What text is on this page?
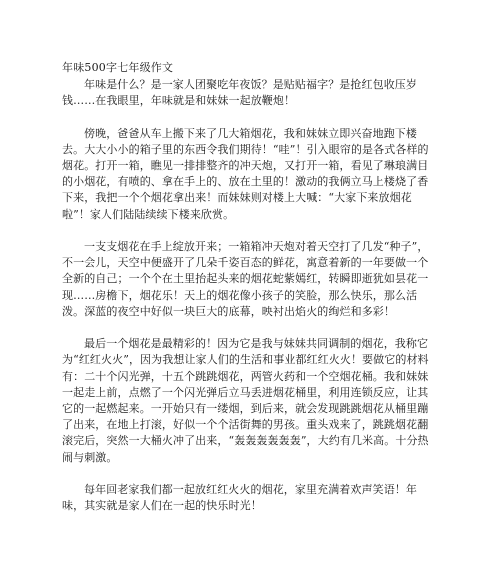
年味500字七年级作文

年味是什么？是一家人团聚吃年夜饭？是贴贴福字？是抢红包收压岁钱……在我眼里，年味就是和妹妹一起放鞭炮！

傍晚，爸爸从车上搬下来了几大箱烟花，我和妹妹立即兴奋地跑下楼去。大大小小的箱子里的东西令我们期待！“哇”！引入眼帘的是各式各样的烟花。打开一箱，瞧见一排排整齐的冲天炮，又打开一箱，看见了琳琅满目的小烟花，有喷的、拿在手上的、放在土里的！激动的我俩立马上楼烧了香下来，我把一个个烟花拿出来！而妹妹则对楼上大喊：“大家下来放烟花啦”！家人们陆陆续续下楼来欣赏。

一支支烟花在手上绽放开来；一箱箱冲天炮对着天空打了几发“种子”，不一会儿，天空中便盛开了几朵千姿百态的鲜花，寓意着新的一年要做一个全新的自己；一个个在土里抬起头来的烟花蛇紫嫣红，转瞬即逝犹如昙花一现……房檐下，烟花乐！天上的烟花像小孩子的笑脸，那么快乐，那么活泼。深蓝的夜空中好似一块巨大的底幕，映衬出焰火的绚烂和多彩！

最后一个烟花是最精彩的！因为它是我与妹妹共同调制的烟花，我称它为“红红火火”，因为我想让家人们的生活和事业都红红火火！要做它的材料有：二十个闪光弹，十五个跳跳烟花，两管火药和一个空烟花桶。我和妹妹一起走上前，点燃了一个闪光弹后立马丢进烟花桶里，利用连锁反应，让其它的一起燃起来。一开始只有一缕烟，到后来，就会发现跳跳烟花从桶里蹦了出来，在地上打滚，好似一个个活街舞的男孩。重头戏来了，跳跳烟花翻滚完后，突然一大桶火冲了出来，“轰轰轰轰轰轰”，大约有几米高。十分热闹与刺激。

每年回老家我们都一起放红红火火的烟花，家里充满着欢声笑语！年味，其实就是家人们在一起的快乐时光！
